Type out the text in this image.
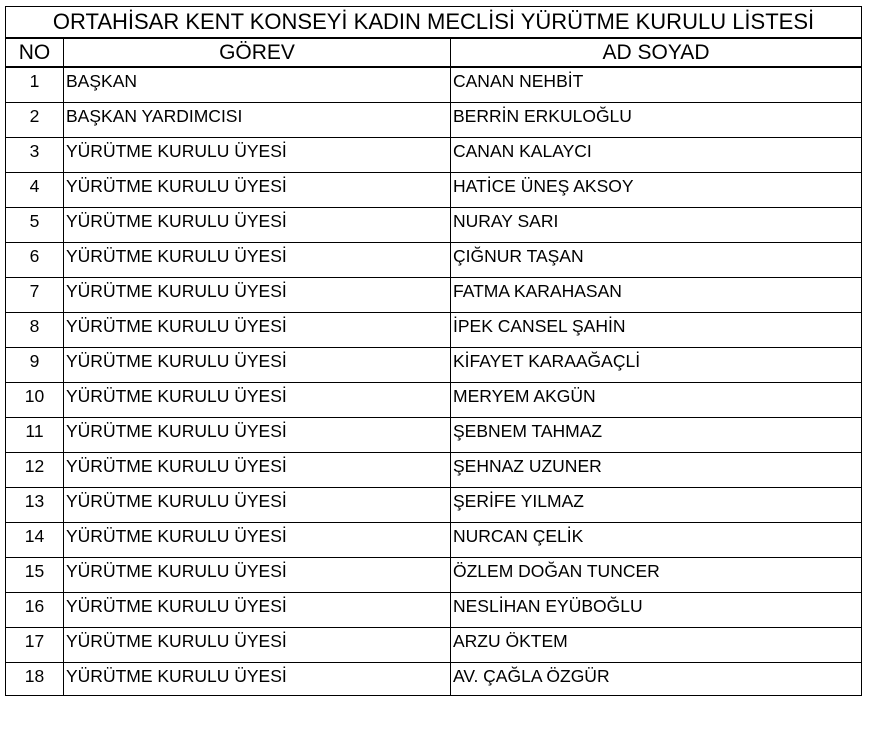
ORTAHİSAR KENT KONSEYİ KADIN MECLİSİ YÜRÜTME KURULU LİSTESİ		
NO	GÖREV	AD SOYAD
1	BAŞKAN	CANAN NEHBİT
2	BAŞKAN YARDIMCISI	BERRİN ERKULOĞLU
3	YÜRÜTME KURULU ÜYESİ	CANAN KALAYCI
4	YÜRÜTME KURULU ÜYESİ	HATİCE ÜNEŞ AKSOY
5	YÜRÜTME KURULU ÜYESİ	NURAY SARI
6	YÜRÜTME KURULU ÜYESİ	ÇIĞNUR TAŞAN
7	YÜRÜTME KURULU ÜYESİ	FATMA KARAHASAN
8	YÜRÜTME KURULU ÜYESİ	İPEK CANSEL ŞAHİN
9	YÜRÜTME KURULU ÜYESİ	KİFAYET KARAAĞAÇLİ
10	YÜRÜTME KURULU ÜYESİ	MERYEM AKGÜN
11	YÜRÜTME KURULU ÜYESİ	ŞEBNEM TAHMAZ
12	YÜRÜTME KURULU ÜYESİ	ŞEHNAZ UZUNER
13	YÜRÜTME KURULU ÜYESİ	ŞERİFE YILMAZ
14	YÜRÜTME KURULU ÜYESİ	NURCAN ÇELİK
15	YÜRÜTME KURULU ÜYESİ	ÖZLEM DOĞAN TUNCER
16	YÜRÜTME KURULU ÜYESİ	NESLİHAN EYÜBOĞLU
17	YÜRÜTME KURULU ÜYESİ	ARZU ÖKTEM
18	YÜRÜTME KURULU ÜYESİ	AV. ÇAĞLA ÖZGÜR
